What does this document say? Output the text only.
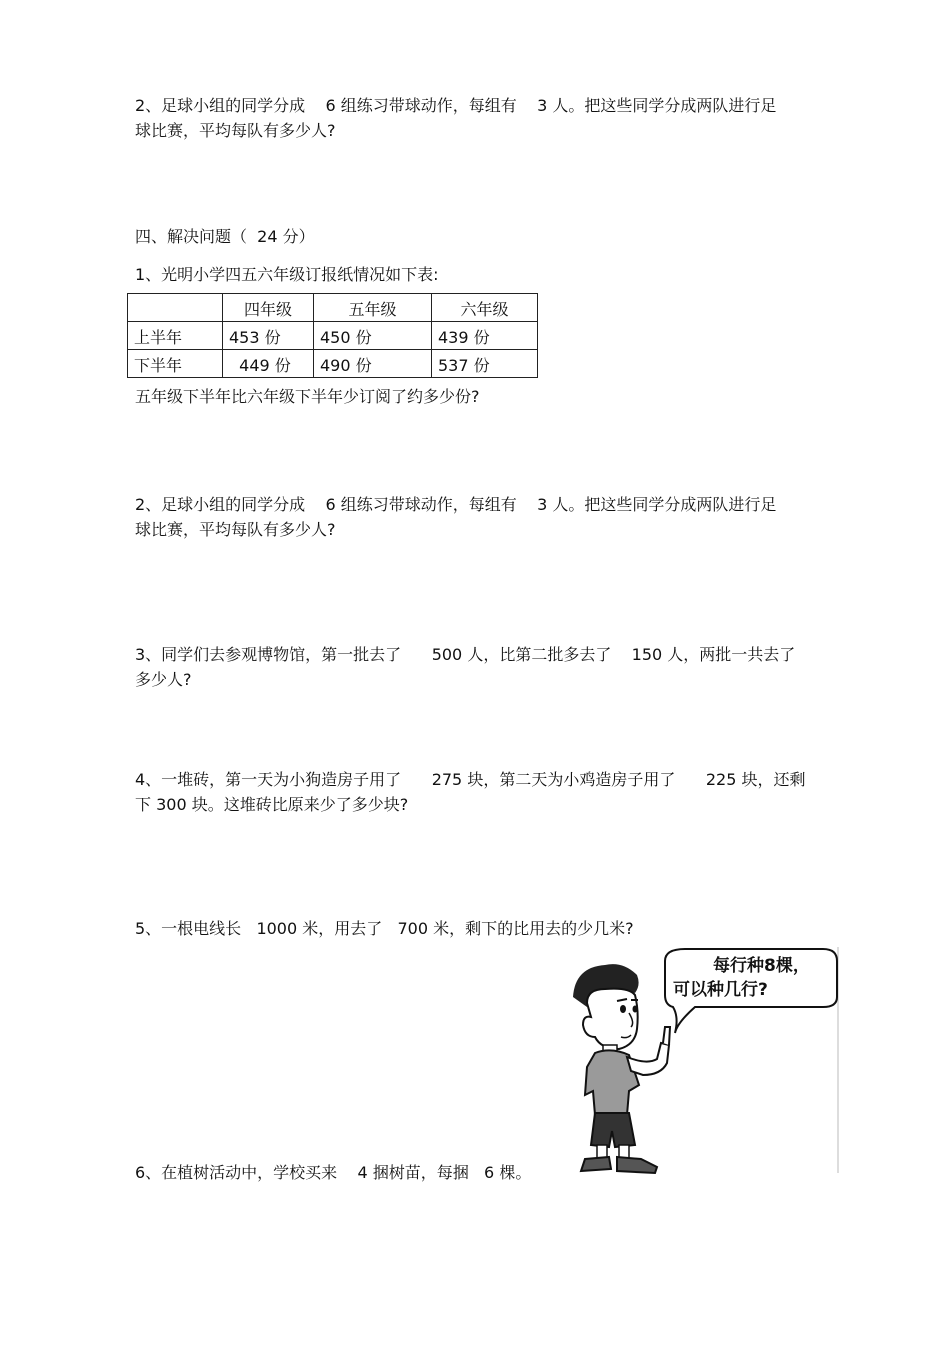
2、足球小组的同学分成    6 组练习带球动作，每组有    3 人。把这些同学分成两队进行足
球比赛，平均每队有多少人?
四、解决问题（  24 分）
1、光明小学四五六年级订报纸情况如下表:
	四年级	五年级	六年级
上半年	453 份	450 份	439 份
下半年	449 份	490 份	537 份
五年级下半年比六年级下半年少订阅了约多少份?
2、足球小组的同学分成    6 组练习带球动作，每组有    3 人。把这些同学分成两队进行足
球比赛，平均每队有多少人?
3、同学们去参观博物馆，第一批去了      500 人，比第二批多去了    150 人，两批一共去了
多少人?
4、一堆砖，第一天为小狗造房子用了      275 块，第二天为小鸡造房子用了      225 块，还剩
下 300 块。这堆砖比原来少了多少块?
5、一根电线长   1000 米，用去了   700 米，剩下的比用去的少几米?
每行种8棵，
可以种几行?
6、在植树活动中，学校买来    4 捆树苗，每捆   6 棵。
